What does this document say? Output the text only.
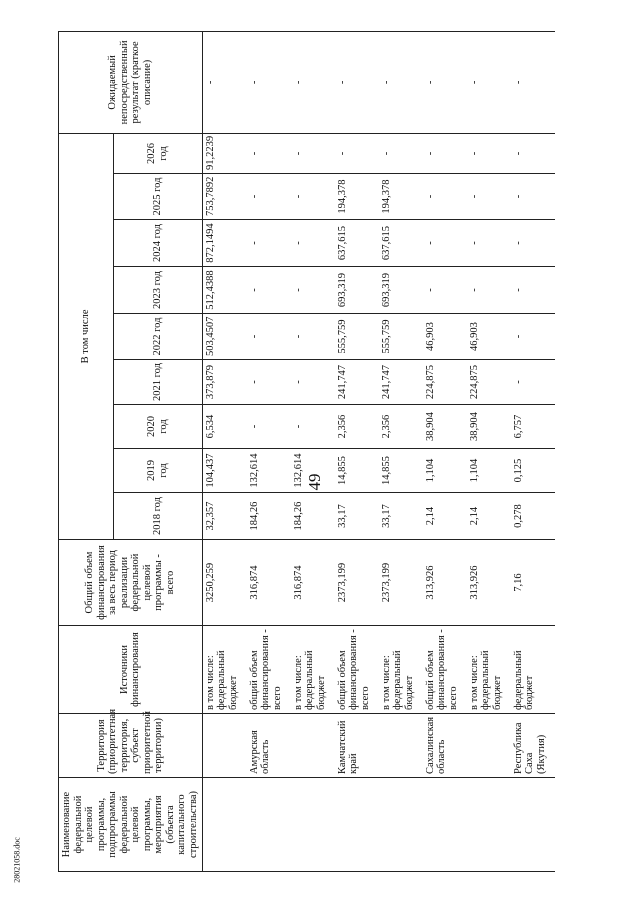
49
28021058.doc
Наименование федеральной целевой программы, подпрограммы федеральной целевой программы, мероприятия (объекта капитального строительства)	Территория (приоритетная территория, субъект приоритетной территории)	Источники финансирования	Общий объем финансирования за весь период реализации федеральной целевой программы - всего	В том числе									Ожидаемый непосредственный результат (краткое описание)
				2018 год	2019 год	2020 год	2021 год	2022 год	2023 год	2024 год	2025 год	2026 год	
		в том числе: федеральный бюджет	3250,259	32,357	104,437	6,534	373,879	503,4507	512,4388	872,1494	753,7892	91,2239	-
	Амурская область	общий объем финансирования - всего	316,874	184,26	132,614	-	-	-	-	-	-	-	-
		в том числе: федеральный бюджет	316,874	184,26	132,614	-	-	-	-	-	-	-	-
	Камчатский край	общий объем финансирования - всего	2373,199	33,17	14,855	2,356	241,747	555,759	693,319	637,615	194,378	-	-
		в том числе: федеральный бюджет	2373,199	33,17	14,855	2,356	241,747	555,759	693,319	637,615	194,378	-	-
	Сахалинская область	общий объем финансирования - всего	313,926	2,14	1,104	38,904	224,875	46,903	-	-	-	-	-
		в том числе: федеральный бюджет	313,926	2,14	1,104	38,904	224,875	46,903	-	-	-	-	-
	Республика Саха (Якутия)	федеральный бюджет	7,16	0,278	0,125	6,757	-	-	-	-	-	-	-
